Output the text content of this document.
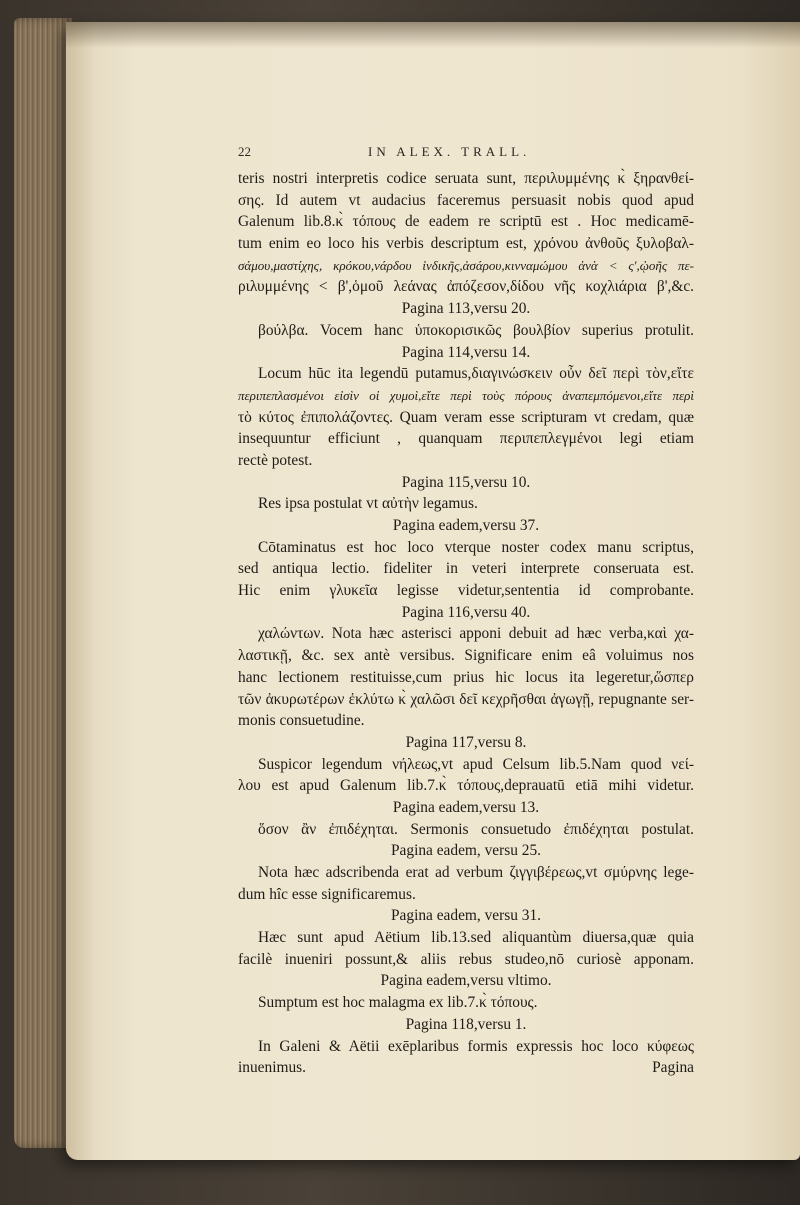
22	IN ALEX. TRALL.
teris nostri interpretis codice seruata sunt, περιλυμμένης κ̀ ξηρανθεί-
σης. Id autem vt audacius faceremus persuasit nobis quod apud
Galenum lib.8.κ̀ τόπους de eadem re scriptū est . Hoc medicamē-
tum enim eo loco his verbis descriptum est, χρόνου ἀνθοῦς ξυλοβαλ-
σάμου,μαστίχης, κρόκου,νάρδου ἰνδικῆς,ἀσάρου,κινναμώμου ἀνὰ < ς',ᾠοῆς πε-
ριλυμμένης < β',ὁμοῦ λεάνας ἀπόζεσον,δίδου νῆς κοχλιάρια β',&c.
Pagina 113,versu 20.
βούλβα. Vocem hanc ὑποκορισικῶς βουλβίον superius protulit.
Pagina 114,versu 14.
Locum hūc ita legendū putamus,διαγινώσκειν οὖν δεῖ περὶ τὸν,εἴτε
περιπεπλασμένοι εἰσὶν οἱ χυμοὶ,εἴτε περὶ τοὺς πόρους ἀναπεμπόμενοι,εἴτε περὶ
τὸ κύτος ἐπιπολάζοντες. Quam veram esse scripturam vt credam, quæ
insequuntur efficiunt , quanquam περιπεπλεγμένοι legi etiam
rectè potest.
Pagina 115,versu 10.
Res ipsa postulat vt αὐτὴν legamus.
Pagina eadem,versu 37.
Cōtaminatus est hoc loco vterque noster codex manu scriptus,
sed antiqua lectio. fideliter in veteri interprete conseruata est.
Hic enim γλυκεῖα legisse videtur,sententia id comprobante.
Pagina 116,versu 40.
χαλώντων. Nota hæc asterisci apponi debuit ad hæc verba,καὶ χα-
λαστικῇ, &c. sex antè versibus. Significare enim eâ voluimus nos
hanc lectionem restituisse,cum prius hic locus ita legeretur,ὥσπερ
τῶν ἀκυρωτέρων ἐκλύτω κ̀ χαλῶσι δεῖ κεχρῆσθαι ἀγωγῇ, repugnante ser-
monis consuetudine.
Pagina 117,versu 8.
Suspicor legendum νήλεως,vt apud Celsum lib.5.Nam quod νεί-
λου est apud Galenum lib.7.κ̀ τόπους,deprauatū etiā mihi videtur.
Pagina eadem,versu 13.
ὅσον ἂν ἐπιδέχηται. Sermonis consuetudo ἐπιδέχηται postulat.
Pagina eadem, versu 25.
Nota hæc adscribenda erat ad verbum ζιγγιβέρεως,vt σμύρνης lege-
dum hîc esse significaremus.
Pagina eadem, versu 31.
Hæc sunt apud Aëtium lib.13.sed aliquantùm diuersa,quæ quia
facilè inueniri possunt,& aliis rebus studeo,nō curiosè apponam.
Pagina eadem,versu vltimo.
Sumptum est hoc malagma ex lib.7.κ̀ τόπους.
Pagina 118,versu 1.
In Galeni & Aëtii exēplaribus formis expressis hoc loco κύφεως
inuenimus.	Pagina
